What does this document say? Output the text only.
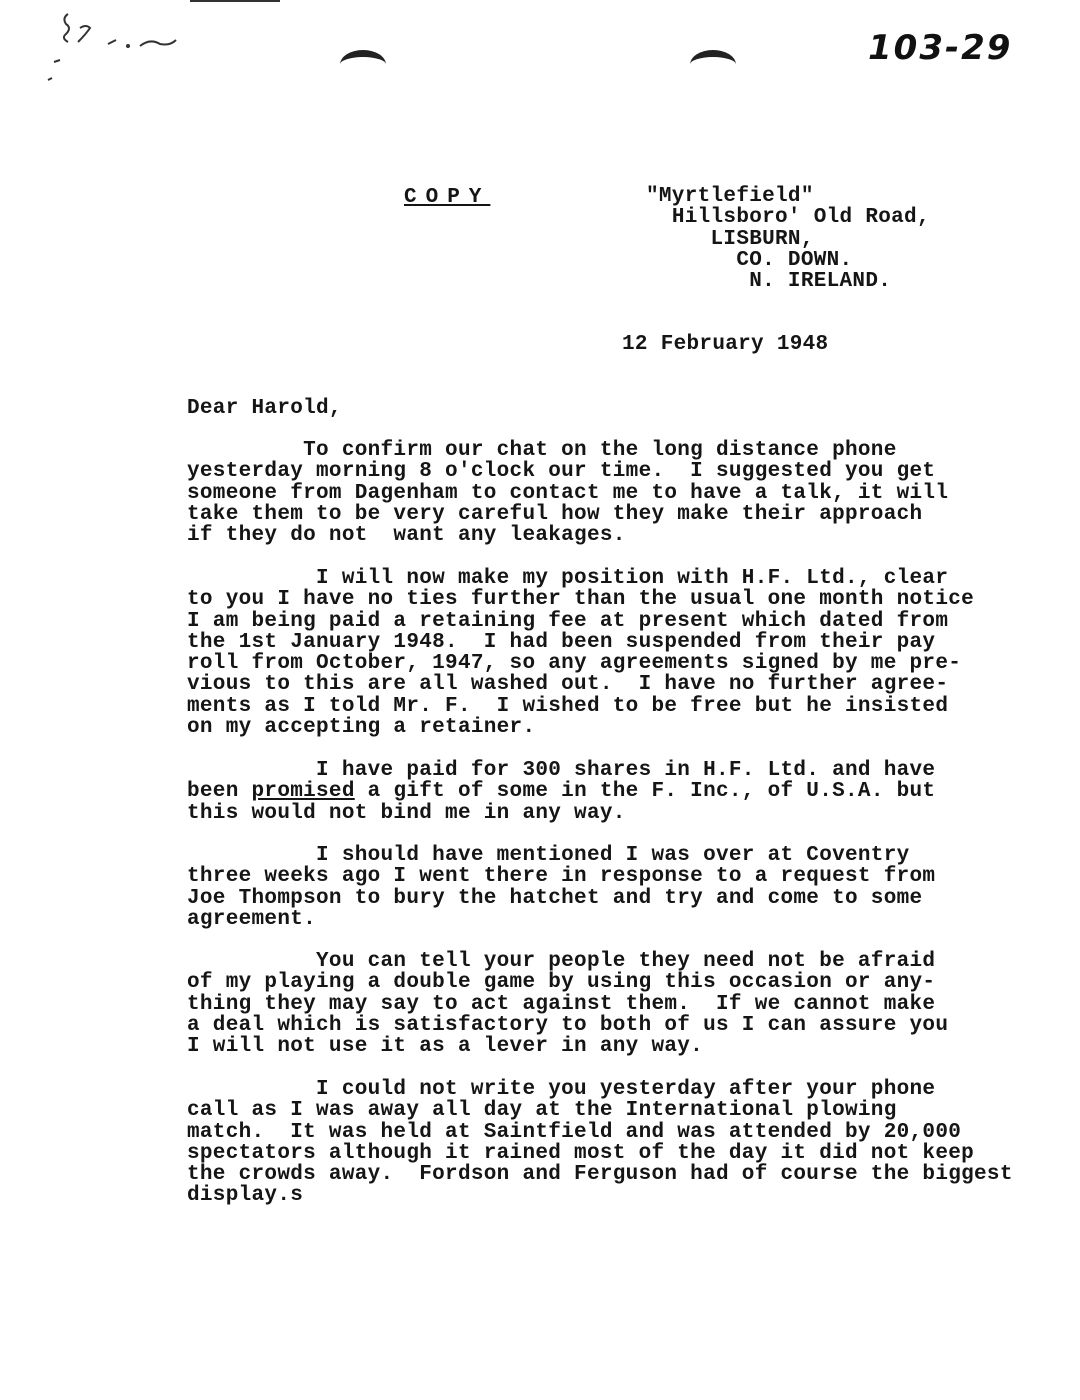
103-29
COPY	"Myrtlefield"
Hillsboro' Old Road,
LISBURN,
CO. DOWN.
N. IRELAND.
12 February 1948
Dear Harold,
To confirm our chat on the long distance phone
yesterday morning 8 o'clock our time.  I suggested you get
someone from Dagenham to contact me to have a talk, it will
take them to be very careful how they make their approach
if they do not  want any leakages.
I will now make my position with H.F. Ltd., clear
to you I have no ties further than the usual one month notice
I am being paid a retaining fee at present which dated from
the 1st January 1948.  I had been suspended from their pay
roll from October, 1947, so any agreements signed by me pre-
vious to this are all washed out.  I have no further agree-
ments as I told Mr. F.  I wished to be free but he insisted
on my accepting a retainer.
I have paid for 300 shares in H.F. Ltd. and have
been promised a gift of some in the F. Inc., of U.S.A. but
this would not bind me in any way.
I should have mentioned I was over at Coventry
three weeks ago I went there in response to a request from
Joe Thompson to bury the hatchet and try and come to some
agreement.
You can tell your people they need not be afraid
of my playing a double game by using this occasion or any-
thing they may say to act against them.  If we cannot make
a deal which is satisfactory to both of us I can assure you
I will not use it as a lever in any way.
I could not write you yesterday after your phone
call as I was away all day at the International plowing
match.  It was held at Saintfield and was attended by 20,000
spectators although it rained most of the day it did not keep
the crowds away.  Fordson and Ferguson had of course the biggest
display.s
